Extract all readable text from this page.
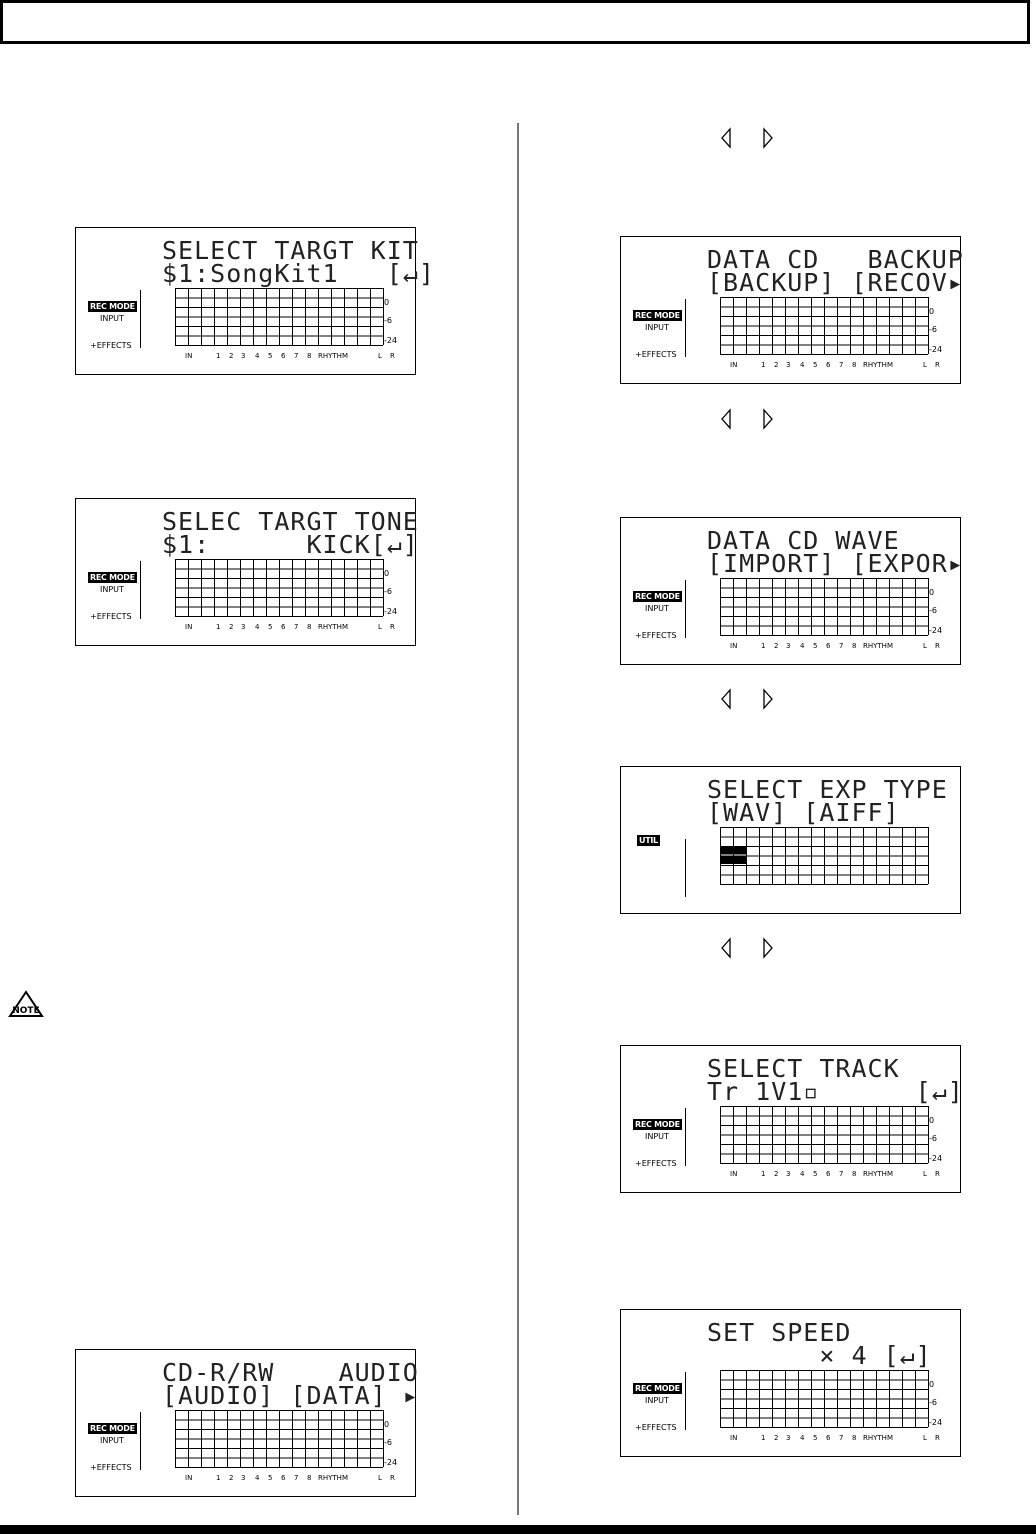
NOTE
SELECT TARGT KIT
$1:SongKit1   [↵]
REC MODE
INPUT
+EFFECTS
0
-6
-24
IN	1 2 3 4 5 6 7 8 RHYTHM	L R
SELEC TARGT TONE
$1:      KICK[↵]
REC MODE
INPUT
+EFFECTS
0
-6
-24
IN	1 2 3 4 5 6 7 8 RHYTHM	L R
CD-R/RW    AUDIO
[AUDIO] [DATA] ▸
REC MODE
INPUT
+EFFECTS
0
-6
-24
IN	1 2 3 4 5 6 7 8 RHYTHM	L R
DATA CD   BACKUP
[BACKUP] [RECOV▸
REC MODE
INPUT
+EFFECTS
0
-6
-24
IN	1 2 3 4 5 6 7 8 RHYTHM	L R
DATA CD WAVE
[IMPORT] [EXPOR▸
REC MODE
INPUT
+EFFECTS
0
-6
-24
IN	1 2 3 4 5 6 7 8 RHYTHM	L R
SELECT EXP TYPE
[WAV] [AIFF]
UTIL
SELECT TRACK
Tr 1V1▫      [↵]
REC MODE
INPUT
+EFFECTS
0
-6
-24
IN	1 2 3 4 5 6 7 8 RHYTHM	L R
SET SPEED
× 4 [↵]
REC MODE
INPUT
+EFFECTS
0
-6
-24
IN	1 2 3 4 5 6 7 8 RHYTHM	L R
